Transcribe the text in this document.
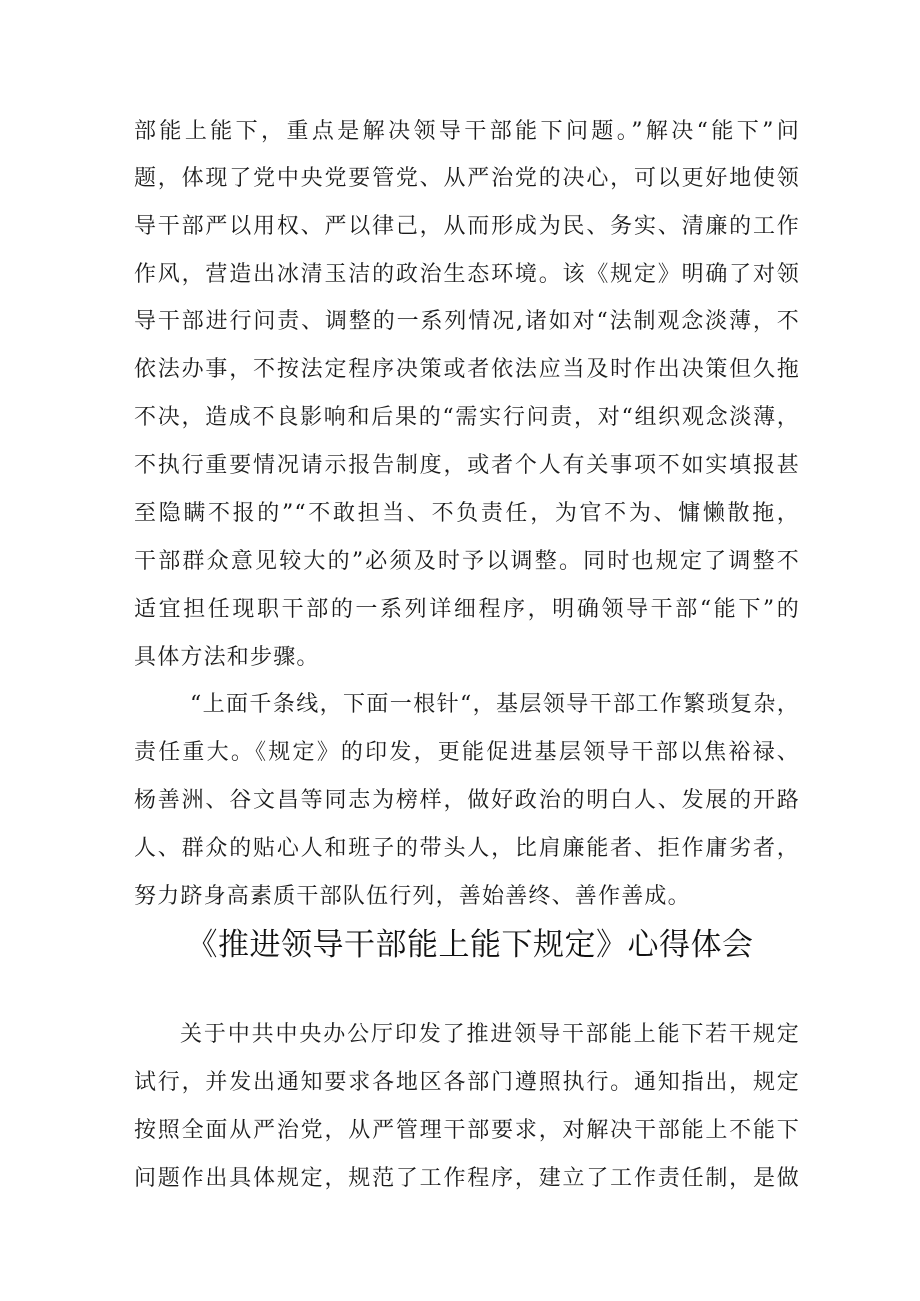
部能上能下，重点是解决领导干部能下问题。”解决“能下”问
题，体现了党中央党要管党、从严治党的决心，可以更好地使领
导干部严以用权、严以律己，从而形成为民、务实、清廉的工作
作风，营造出冰清玉洁的政治生态环境。该《规定》明确了对领
导干部进行问责、调整的一系列情况,诸如对“法制观念淡薄，不
依法办事，不按法定程序决策或者依法应当及时作出决策但久拖
不决，造成不良影响和后果的“需实行问责，对“组织观念淡薄，
不执行重要情况请示报告制度，或者个人有关事项不如实填报甚
至隐瞒不报的”“不敢担当、不负责任，为官不为、慵懒散拖，
干部群众意见较大的”必须及时予以调整。同时也规定了调整不
适宜担任现职干部的一系列详细程序，明确领导干部“能下”的
具体方法和步骤。
“上面千条线，下面一根针“，基层领导干部工作繁琐复杂，
责任重大。《规定》的印发，更能促进基层领导干部以焦裕禄、
杨善洲、谷文昌等同志为榜样，做好政治的明白人、发展的开路
人、群众的贴心人和班子的带头人，比肩廉能者、拒作庸劣者，
努力跻身高素质干部队伍行列，善始善终、善作善成。
《推进领导干部能上能下规定》心得体会
关于中共中央办公厅印发了推进领导干部能上能下若干规定
试行，并发出通知要求各地区各部门遵照执行。通知指出，规定
按照全面从严治党，从严管理干部要求，对解决干部能上不能下
问题作出具体规定，规范了工作程序，建立了工作责任制，是做
